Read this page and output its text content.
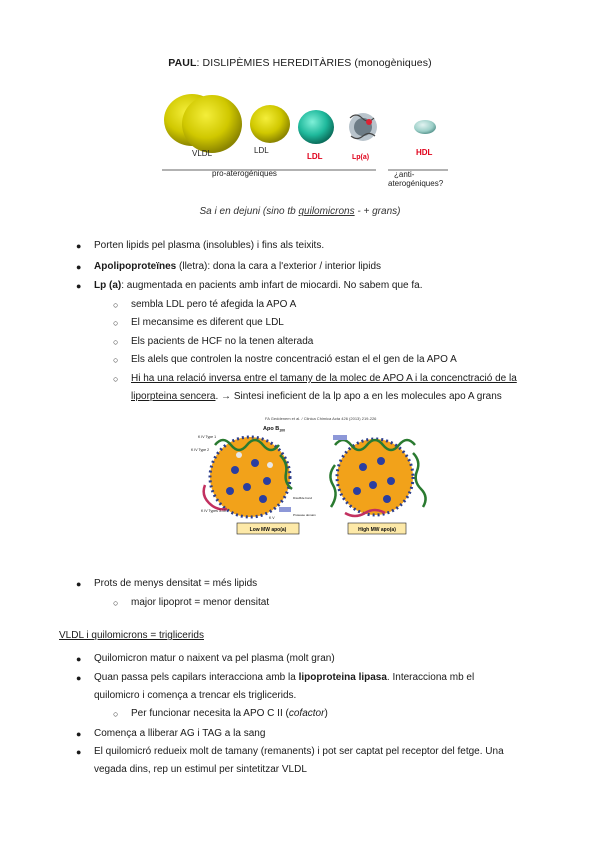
PAUL: DISLIPÈMIES HEREDITÀRIES (monogèniques)
VLDL	LDL
LDL	Lp(a)
HDL
pro-aterogéniques	¿anti- aterogéniques?
Sa i en dejuni (sino tb quilomicrons - + grans)
● Porten lipids pel plasma (insolubles) i fins als teixits.
● Apolipoproteïnes (lletra): dona la cara a l'exterior / interior lipids
● Lp (a): augmentada en pacients amb infart de miocardi. No sabem que fa.
○ sembla LDL pero té afegida la APO A
○ El mecansime es diferent que LDL
○ Els pacients de HCF no la tenen alterada
○ Els alels que controlen la nostre concentració estan el el gen de la APO A
○ Hi ha una relació inversa entre el tamany de la molec de APO A i la concenctració de la
liporpteina sencera. → Sintesi ineficient de la lp apo a en les molecules apo A grans
FA Geddenem et al. / Clinica Chimica Acta 426 (2013) 219-226
Apo $B_{100}$
K IV Type 1
K IV Type 2
K IV Types 3-10
K V
Disulfide bond
Protease domain
Low MW apo(a)	High MW apo(a)
● Prots de menys densitat = més lipids
○ major lipoprot = menor densitat
VLDL i quilomicrons = triglicerids
● Quilomicron matur o naixent va pel plasma (molt gran)
● Quan passa pels capilars interacciona amb la lipoproteina lipasa. Interacciona mb el
quilomicro i comença a trencar els triglicerids.
○ Per funcionar necesita la APO C II (cofactor)
● Comença a lliberar AG i TAG a la sang
● El quilomicró redueix molt de tamany (remanents) i pot ser captat pel receptor del fetge. Una
vegada dins, rep un estimul per sintetitzar VLDL
